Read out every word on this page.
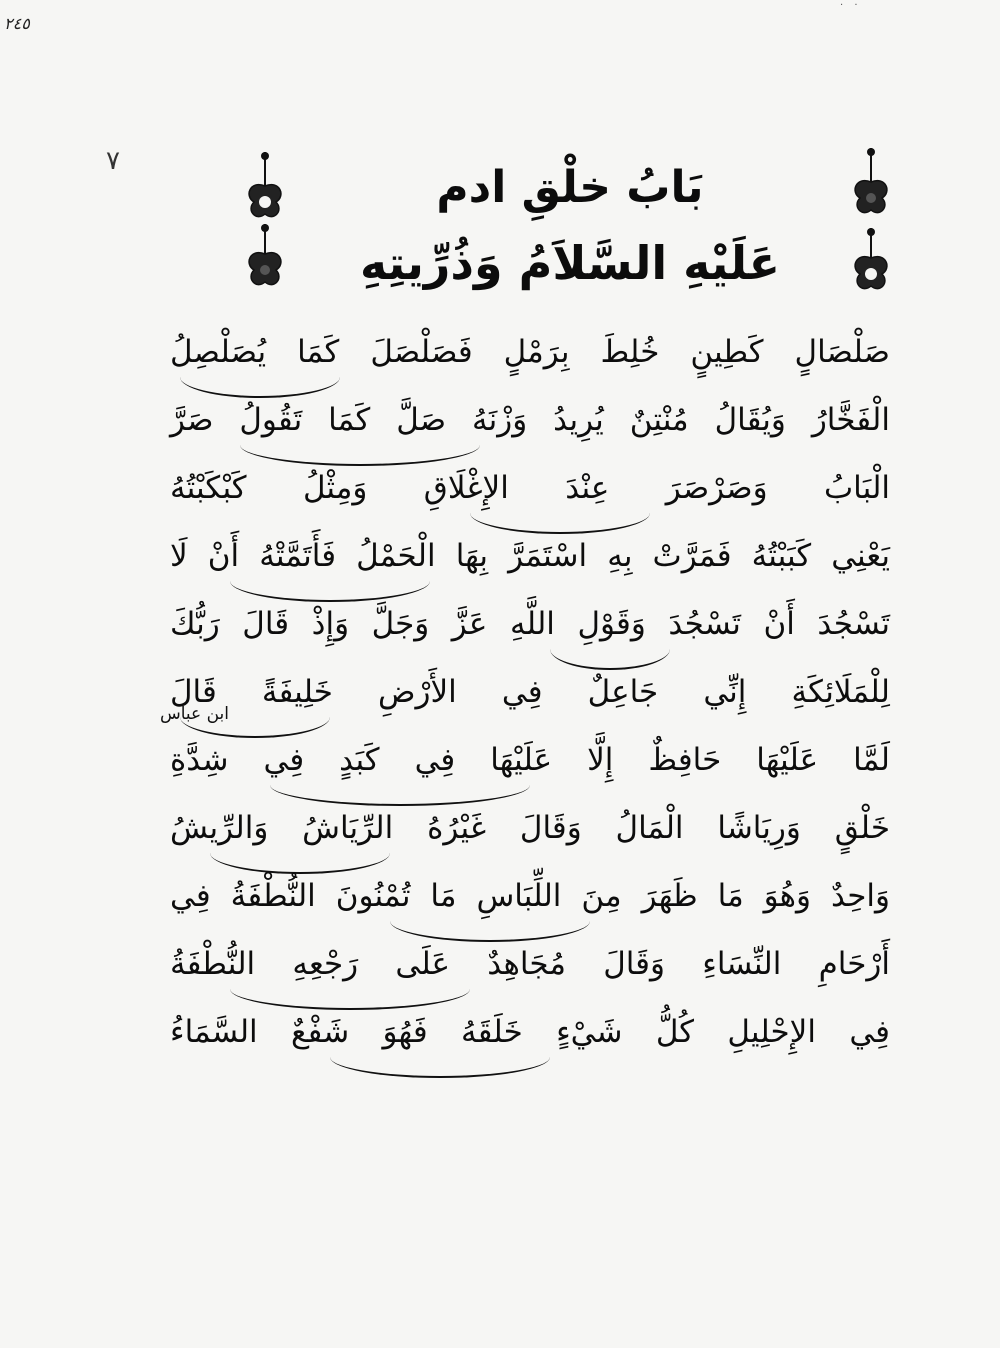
٢٤٥
· ·
٧
بَابُ خلْقِ ادم
عَلَيْهِ السَّلاَمُ وَذُرِّيتِهِ
ابن عباس
صَلْصَالٍ كَطِينٍ خُلِطَ بِرَمْلٍ فَصَلْصَلَ كَمَا يُصَلْصِلُ
الْفَخَّارُ وَيُقَالُ مُنْتِنٌ يُرِيدُ وَزْنَهُ صَلَّ كَمَا تَقُولُ صَرَّ
الْبَابُ وَصَرْصَرَ عِنْدَ الإِغْلَاقِ وَمِثْلُ كَبْكَبْتُهُ
يَعْنِي كَبَبْتُهُ فَمَرَّتْ بِهِ اسْتَمَرَّ بِهَا الْحَمْلُ فَأَتَمَّتْهُ أَنْ لَا
تَسْجُدَ أَنْ تَسْجُدَ وَقَوْلِ اللَّهِ عَزَّ وَجَلَّ وَإِذْ قَالَ رَبُّكَ
لِلْمَلَائِكَةِ إِنِّي جَاعِلٌ فِي الأَرْضِ خَلِيفَةً قَالَ
لَمَّا عَلَيْهَا حَافِظٌ إِلَّا عَلَيْهَا فِي كَبَدٍ فِي شِدَّةِ
خَلْقٍ وَرِيَاشًا الْمَالُ وَقَالَ غَيْرُهُ الرِّيَاشُ وَالرِّيشُ
وَاحِدٌ وَهُوَ مَا ظَهَرَ مِنَ اللِّبَاسِ مَا تُمْنُونَ النُّطْفَةُ فِي
أَرْحَامِ النِّسَاءِ وَقَالَ مُجَاهِدٌ عَلَى رَجْعِهِ النُّطْفَةُ
فِي الإِحْلِيلِ كُلُّ شَيْءٍ خَلَقَهُ فَهُوَ شَفْعٌ السَّمَاءُ
